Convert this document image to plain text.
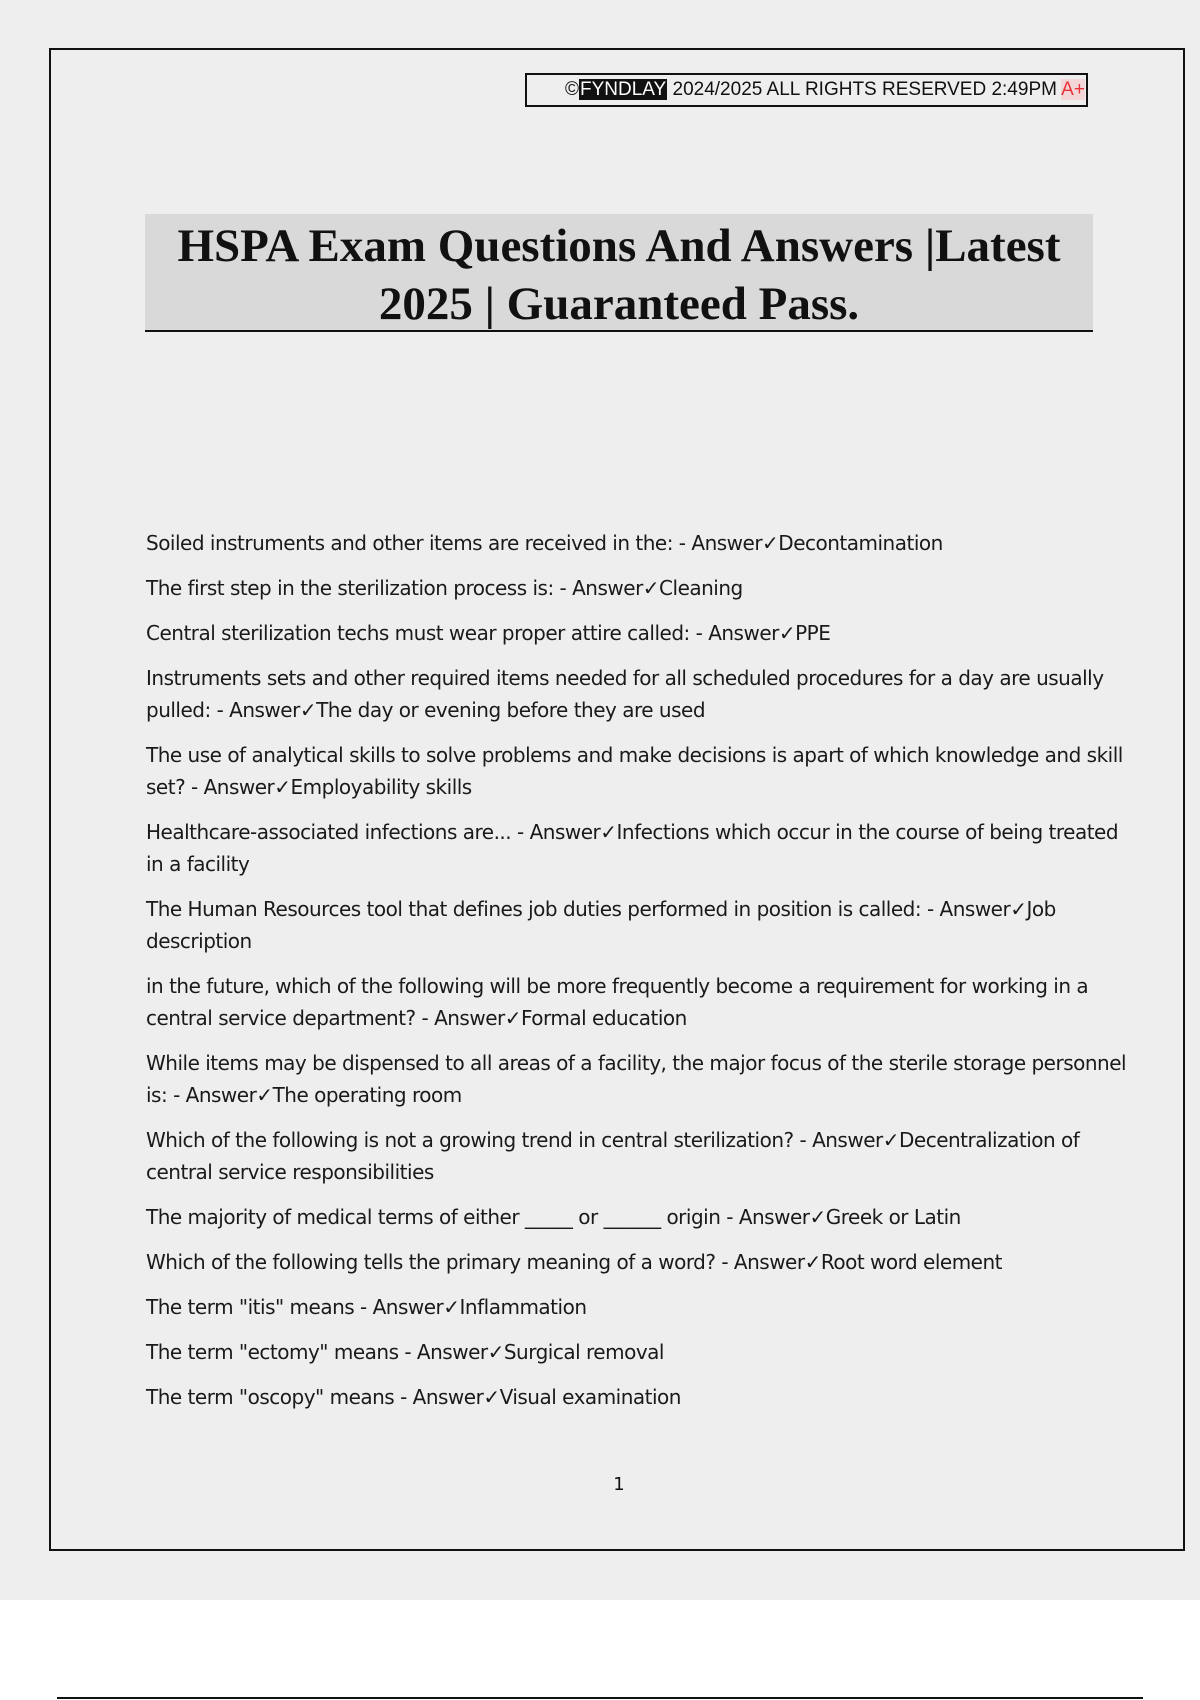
©FYNDLAY 2024/2025 ALL RIGHTS RESERVED 2:49PM A+
HSPA Exam Questions And Answers |Latest
2025 | Guaranteed Pass.
Soiled instruments and other items are received in the: - Answer✓Decontamination
The first step in the sterilization process is: - Answer✓Cleaning
Central sterilization techs must wear proper attire called: - Answer✓PPE
Instruments sets and other required items needed for all scheduled procedures for a day are usually pulled: - Answer✓The day or evening before they are used
The use of analytical skills to solve problems and make decisions is apart of which knowledge and skill set? - Answer✓Employability skills
Healthcare-associated infections are... - Answer✓Infections which occur in the course of being treated in a facility
The Human Resources tool that defines job duties performed in position is called: - Answer✓Job description
in the future, which of the following will be more frequently become a requirement for working in a central service department? - Answer✓Formal education
While items may be dispensed to all areas of a facility, the major focus of the sterile storage personnel is: - Answer✓The operating room
Which of the following is not a growing trend in central sterilization? - Answer✓Decentralization of central service responsibilities
The majority of medical terms of either _____ or ______ origin - Answer✓Greek or Latin
Which of the following tells the primary meaning of a word? - Answer✓Root word element
The term "itis" means - Answer✓Inflammation
The term "ectomy" means - Answer✓Surgical removal
The term "oscopy" means - Answer✓Visual examination
1
